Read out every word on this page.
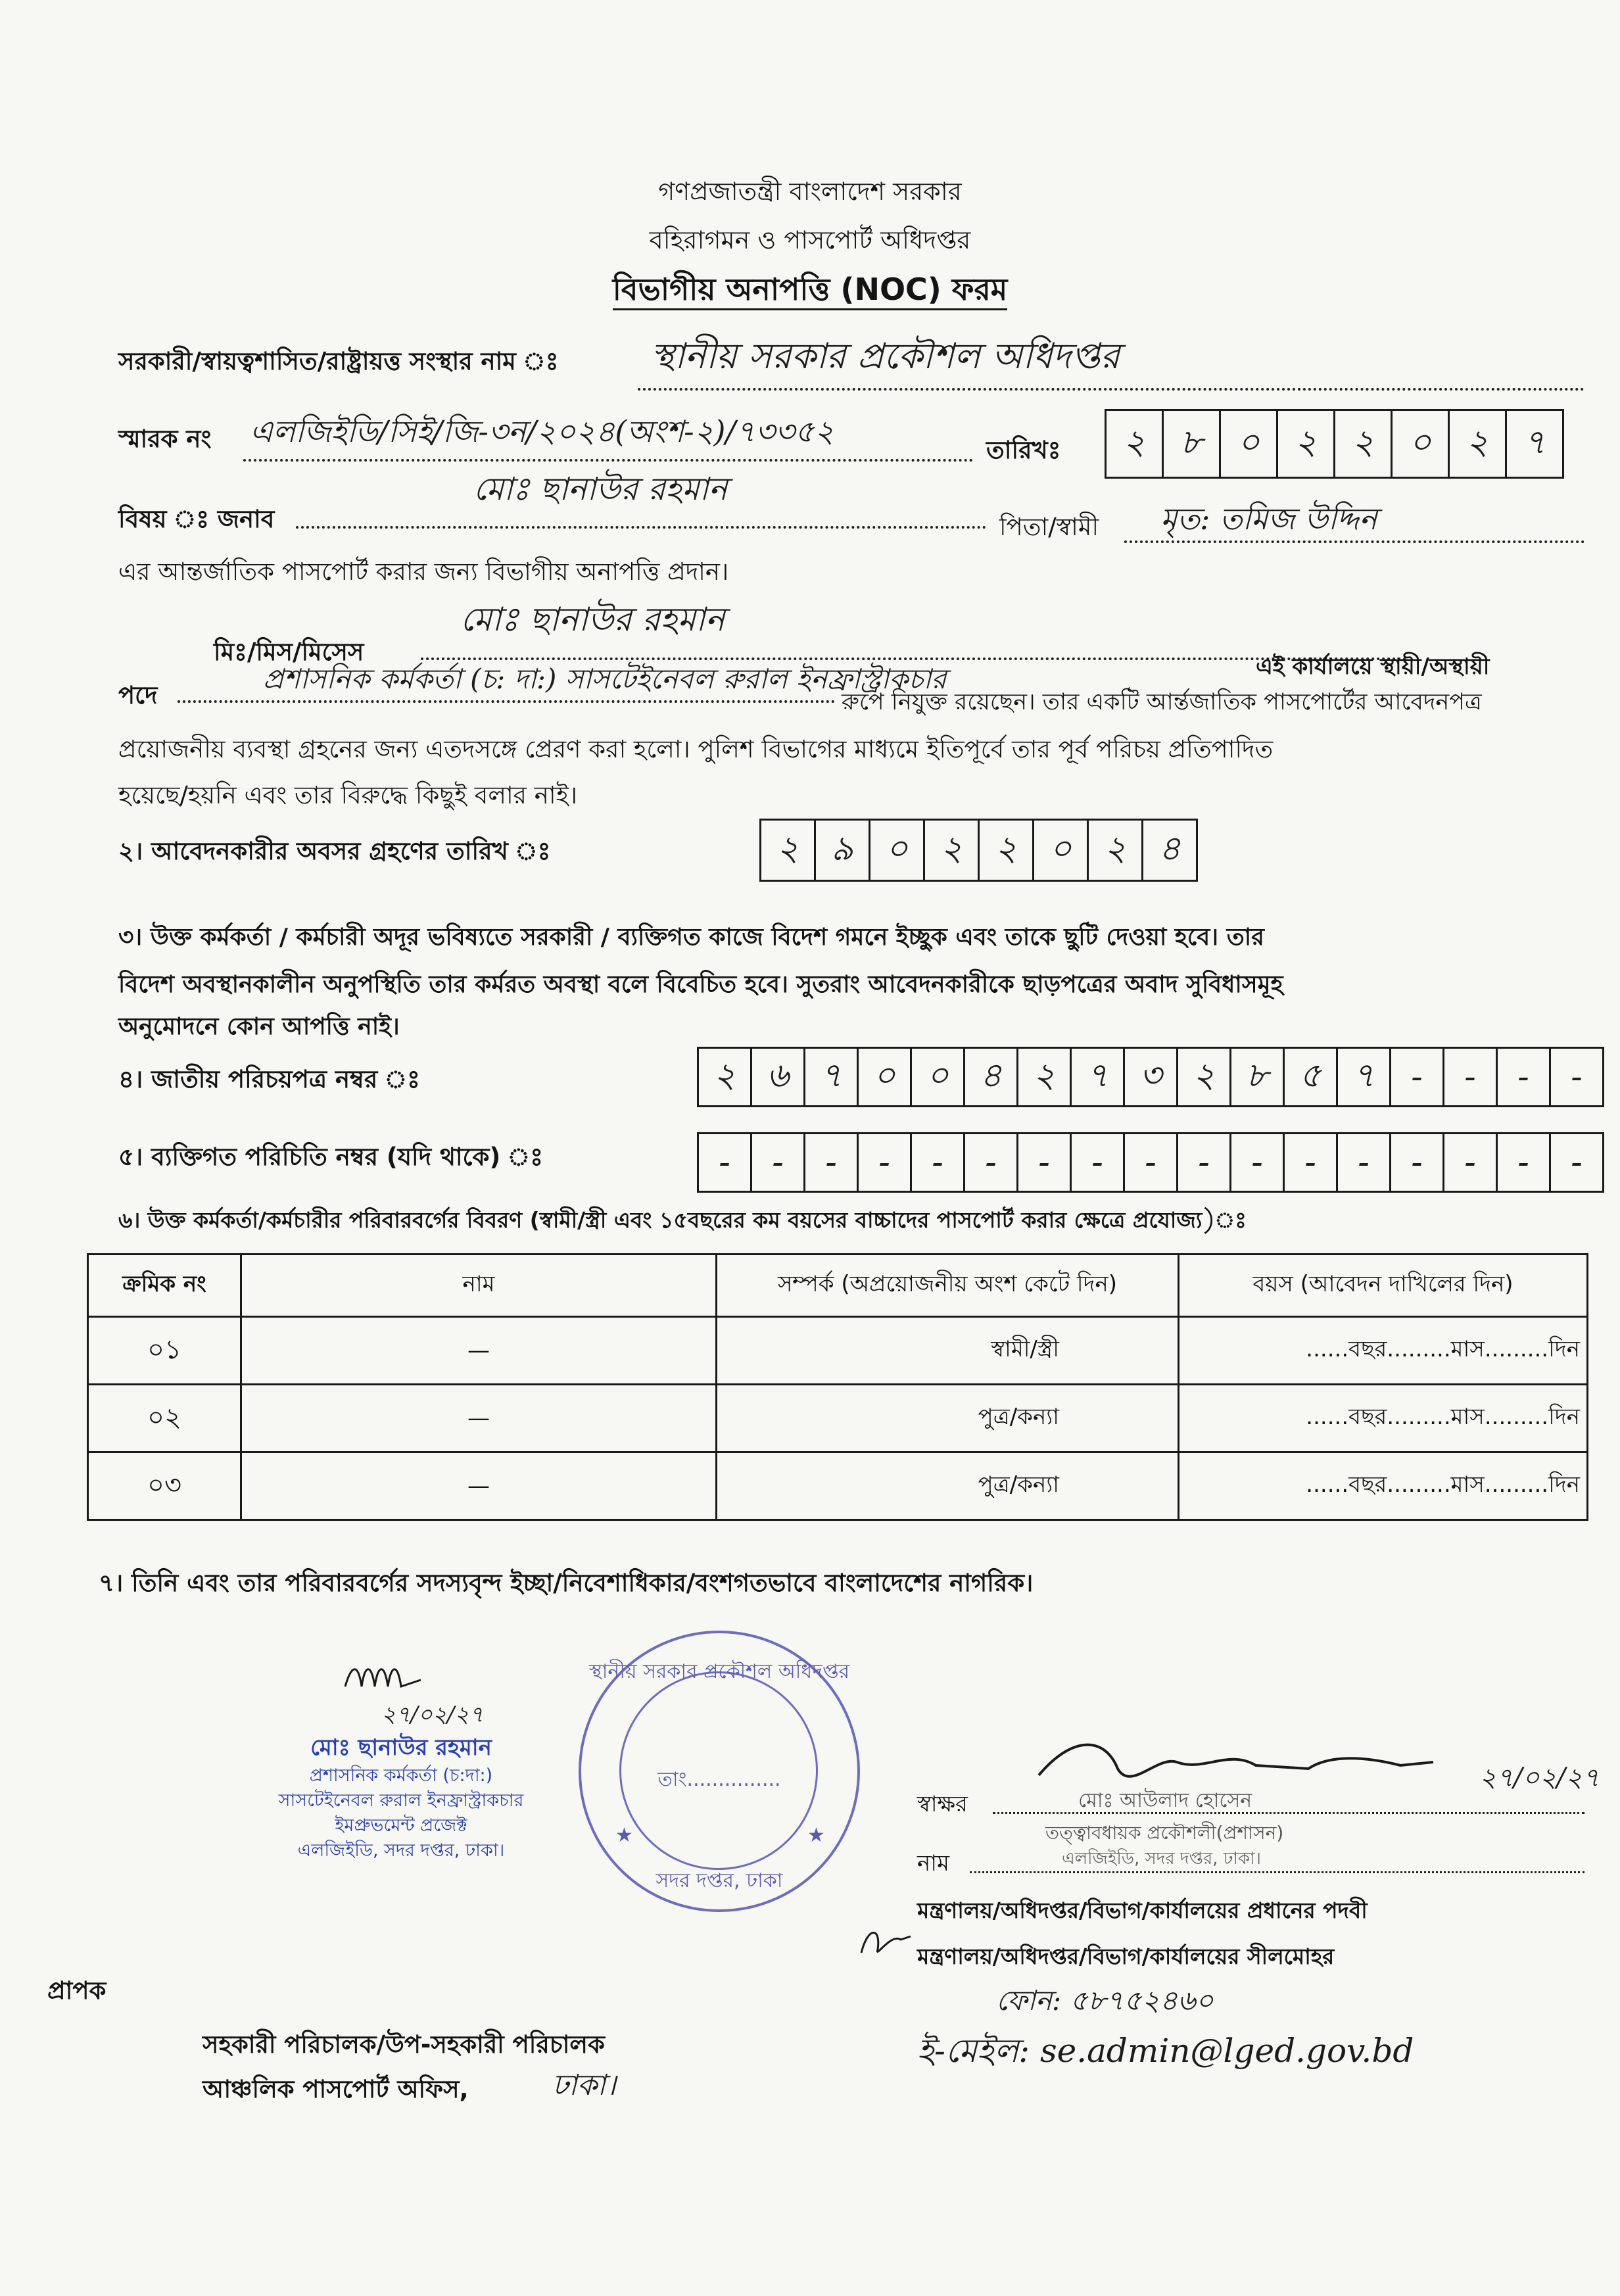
গণপ্রজাতন্ত্রী বাংলাদেশ সরকার
বহিরাগমন ও পাসপোর্ট অধিদপ্তর
বিভাগীয় অনাপত্তি (NOC) ফরম
সরকারী/স্বায়ত্বশাসিত/রাষ্ট্রায়ত্ত সংস্থার নাম ঃ	স্থানীয় সরকার প্রকৌশল অধিদপ্তর
স্মারক নং এলজিইডি/সিই/জি-৩ন/২০২৪(অংশ-২)/৭৩৩৫২
তারিখঃ	২	৮	০	২	২	০	২	৭
মোঃ ছানাউর রহমান
বিষয় ঃ জনাব	পিতা/স্বামী মৃত: তমিজ উদ্দিন
এর আন্তর্জাতিক পাসপোর্ট করার জন্য বিভাগীয় অনাপত্তি প্রদান।
মোঃ ছানাউর রহমান
মিঃ/মিস/মিসেস
পদে
প্রশাসনিক কর্মকর্তা (চ: দা:) সাসটেইনেবল রুরাল ইনফ্রাস্ট্রাকচার	এই কার্যালয়ে স্থায়ী/অস্থায়ী
রুপে নিযুক্ত রয়েছেন। তার একটি আর্ন্তজাতিক পাসপোর্টের আবেদনপত্র
প্রয়োজনীয় ব্যবস্থা গ্রহনের জন্য এতদসঙ্গে প্রেরণ করা হলো। পুলিশ বিভাগের মাধ্যমে ইতিপূর্বে তার পূর্ব পরিচয় প্রতিপাদিত
হয়েছে/হয়নি এবং তার বিরুদ্ধে কিছুই বলার নাই।
২। আবেদনকারীর অবসর গ্রহণের তারিখ ঃ	২ ৯ ০ ২ ২ ০ ২ ৪
৩। উক্ত কর্মকর্তা / কর্মচারী অদূর ভবিষ্যতে সরকারী / ব্যক্তিগত কাজে বিদেশ গমনে ইচ্ছুক এবং তাকে ছুটি দেওয়া হবে। তার
বিদেশ অবস্থানকালীন অনুপস্থিতি তার কর্মরত অবস্থা বলে বিবেচিত হবে। সুতরাং আবেদনকারীকে ছাড়পত্রের অবাদ সুবিধাসমূহ
অনুমোদনে কোন আপত্তি নাই।
৪। জাতীয় পরিচয়পত্র নম্বর ঃ	২ ৬ ৭ ০ ০ ৪ ২ ৭ ৩ ২ ৮ ৫ ৭	-	-	-	-
৫। ব্যক্তিগত পরিচিতি নম্বর (যদি থাকে) ঃ	-	-	-	-	-	-	-	-	-	-	-	-	-	-	-	-	-
৬। উক্ত কর্মকর্তা/কর্মচারীর পরিবারবর্গের বিবরণ (স্বামী/স্ত্রী এবং ১৫বছরের কম বয়সের বাচ্চাদের পাসপোর্ট করার ক্ষেত্রে প্রযোজ্য)ঃ
ক্রমিক নং	নাম	সম্পর্ক (অপ্রয়োজনীয় অংশ কেটে দিন)	বয়স (আবেদন দাখিলের দিন)
০১	—	স্বামী/স্ত্রী	......বছর.........মাস.........দিন
০২	—	পুত্র/কন্যা	......বছর.........মাস.........দিন
০৩	—	পুত্র/কন্যা	......বছর.........মাস.........দিন
৭। তিনি এবং তার পরিবারবর্গের সদস্যবৃন্দ ইচ্ছা/নিবেশাধিকার/বংশগতভাবে বাংলাদেশের নাগরিক।
২৭/০২/২৭
মোঃ ছানাউর রহমান
প্রশাসনিক কর্মকর্তা (চ:দা:)
সাসটেইনেবল রুরাল ইনফ্রাস্ট্রাকচার
ইমপ্রুভমেন্ট প্রজেক্ট
এলজিইডি, সদর দপ্তর, ঢাকা।
স্থানীয় সরকার প্রকৌশল অধিদপ্তর
তাং...............
সদর দপ্তর, ঢাকা
★	★
২৭/০২/২৭
স্বাক্ষর	মোঃ আউলাদ হোসেন
তত্ত্বাবধায়ক প্রকৌশলী(প্রশাসন)
এলজিইডি, সদর দপ্তর, ঢাকা।
নাম
মন্ত্রণালয়/অধিদপ্তর/বিভাগ/কার্যালয়ের প্রধানের পদবী
মন্ত্রণালয়/অধিদপ্তর/বিভাগ/কার্যালয়ের সীলমোহর
ফোন: ৫৮৭৫২৪৬০
ই-মেইল: se.admin@lged.gov.bd
প্রাপক
সহকারী পরিচালক/উপ-সহকারী পরিচালক
আঞ্চলিক পাসপোর্ট অফিস,	ঢাকা।
